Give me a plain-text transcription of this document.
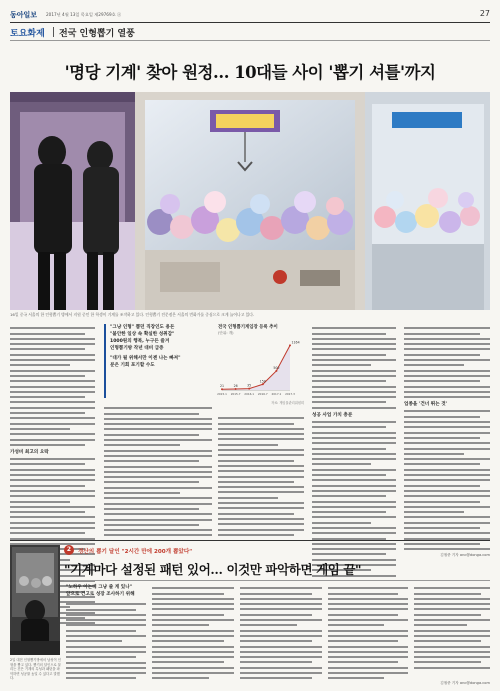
동아일보 2017년 4월 13일 목요일 제29769호 ⓐ	27
토요화제 전국 인형뽑기 열풍
'명당 기계' 찾아 원정… 10대들 사이 '뽑기 셔틀'까지
16일 중국 서울의 한 인형뽑기 방에서 지원 중인 한 학생이 기계를 조작하고 있다. 인형뽑기 전문점은 서울의 번화가를 중심으로 크게 늘어나고 있다.
가성비 최고의 오락
"그냥 인형" 뽑던 직장인도 용돈
"불안한 일상 속 확실한 성취감"
1000원의 행복, 누구든 즐겨
인형뽑기방 작년 대비 급증
"대가 될 위해서만 이젠 나는 빠져"
분은 기회 포기할 수도
전국 인형뽑기게임장 등록 추이
(단위: 개)
21
2015.1
26
2015.7
35
2016.1
150
2016.7
500
2017.1
1164
2017.3
자료: 게임물관리위원회
성공 사업 가치 충분
업종을 '건너 뛰는 것'
김철중 기자 anc@donga.com
2	경산의 뽑기 달인 "2시간 만에 200개 뽑았다"
2일 대전 인형뽑기방에서 남성이 인형을 뽑고 있다. 뽑기의 달인으로 불리는 건은 기계의 특성과 패턴을 파악하면 성공률 높일 수 있다고 말했다.
"기계마다 설정된 패턴 있어… 이것만 파악하면 게임 끝"
"노하우 아는데 그냥 줄 게 있나"
앞으로 건고로 성장 조사하기 위해
김철중 기자 anc@donga.com
